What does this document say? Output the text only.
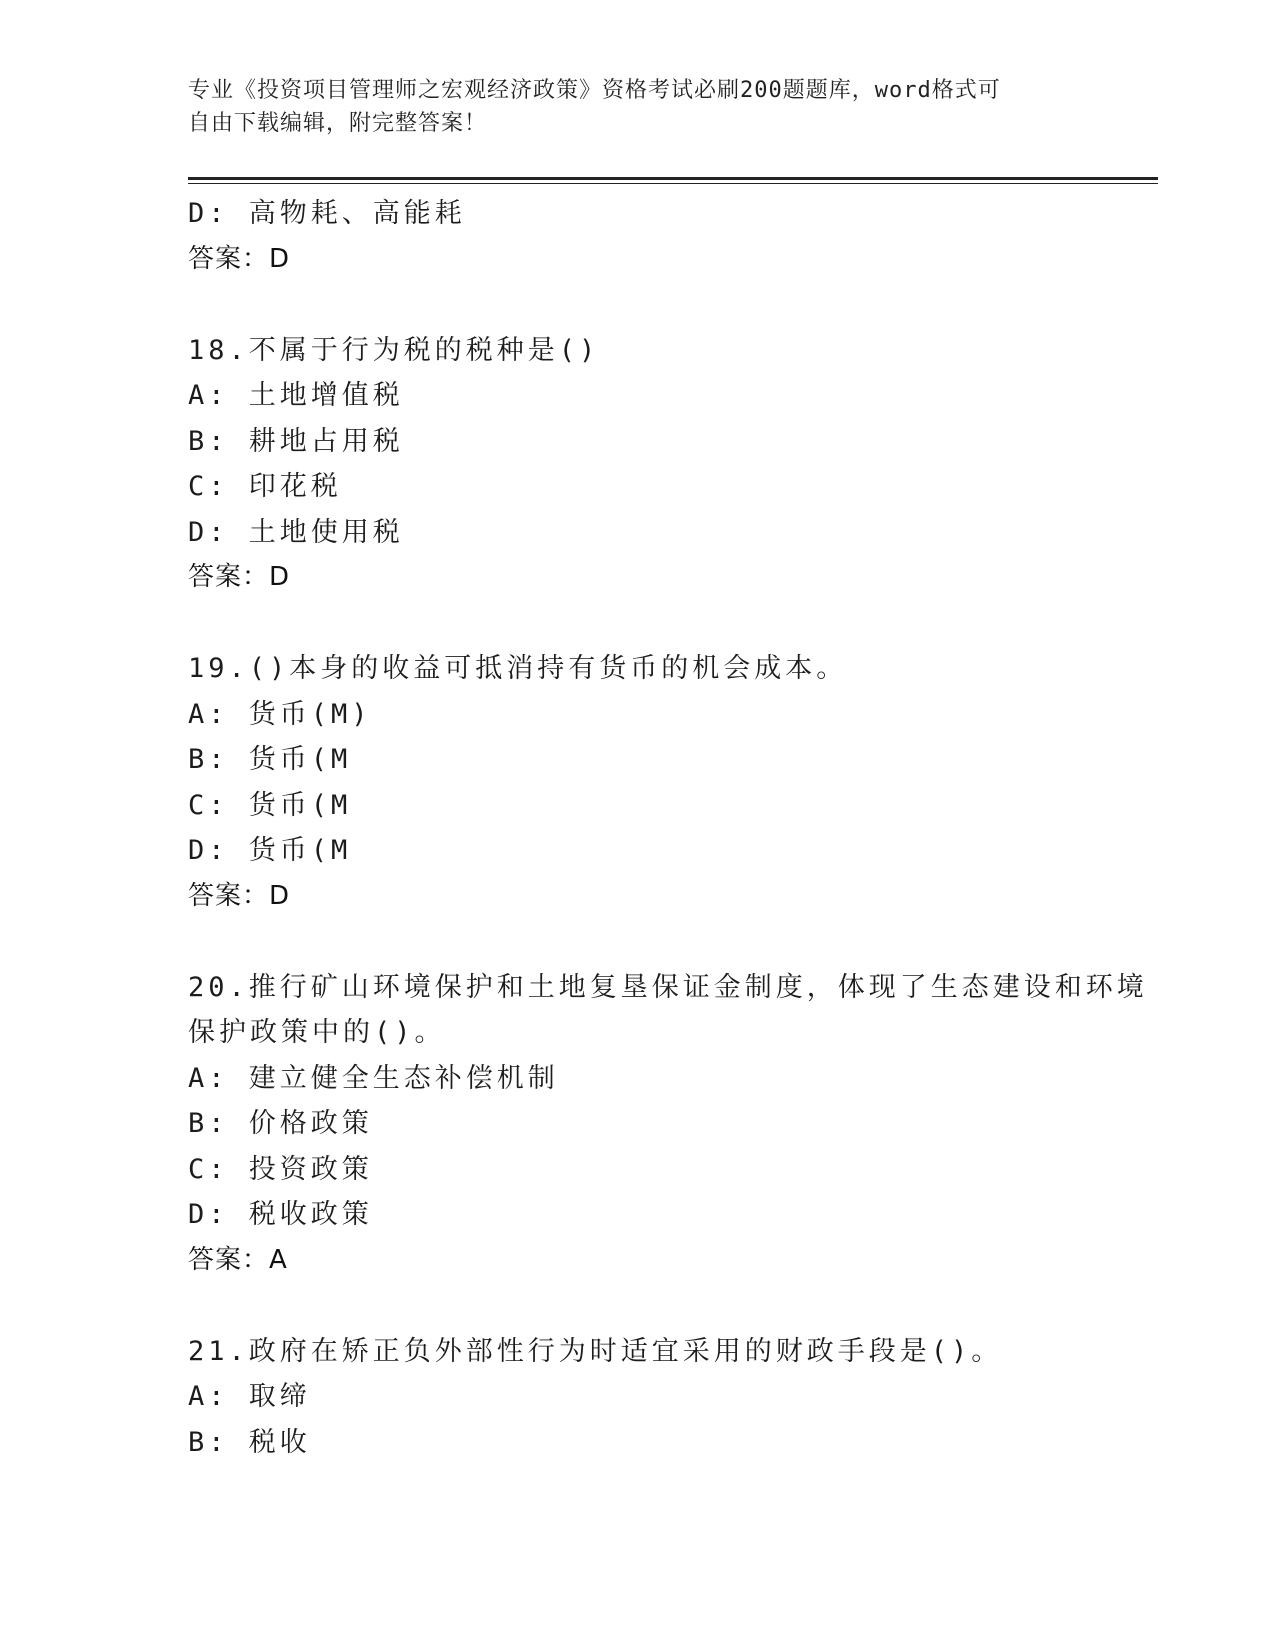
专业《投资项目管理师之宏观经济政策》资格考试必刷200题题库，word格式可
自由下载编辑，附完整答案！
D: 高物耗、高能耗
答案：D
18.不属于行为税的税种是()
A: 土地增值税
B: 耕地占用税
C: 印花税
D: 土地使用税
答案：D
19.()本身的收益可抵消持有货币的机会成本。
A: 货币(M)
B: 货币(M
C: 货币(M
D: 货币(M
答案：D
20.推行矿山环境保护和土地复垦保证金制度，体现了生态建设和环境
保护政策中的()。
A: 建立健全生态补偿机制
B: 价格政策
C: 投资政策
D: 税收政策
答案：A
21.政府在矫正负外部性行为时适宜采用的财政手段是()。
A: 取缔
B: 税收
